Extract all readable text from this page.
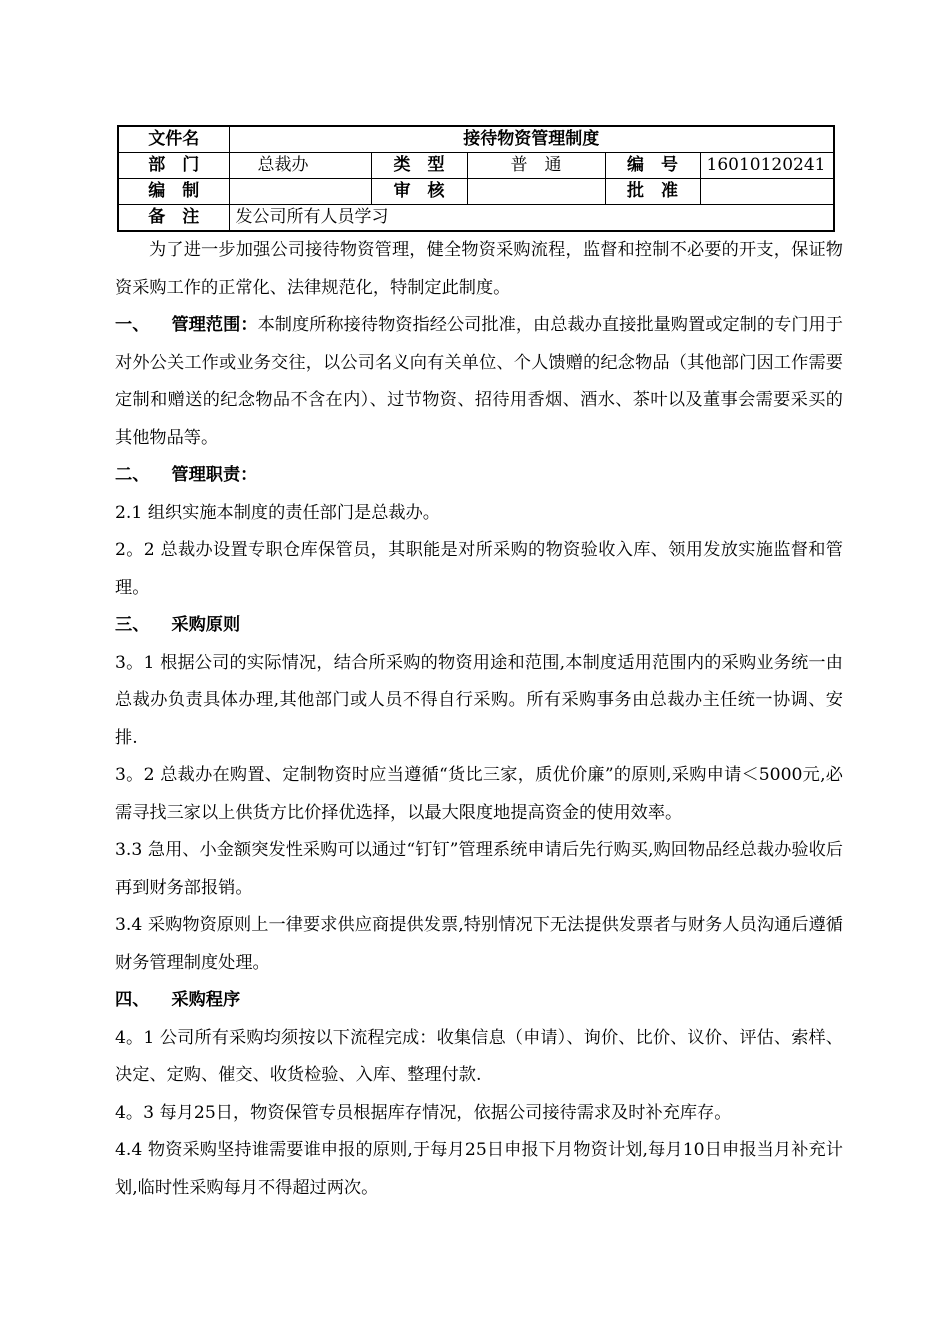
文件名	接待物资管理制度				
部　门	总裁办	类　型	普　通	编　号	16010120241
编　制		审　核		批　准	
备　注	发公司所有人员学习				

为了进一步加强公司接待物资管理，健全物资采购流程，监督和控制不必要的开支，保证物资采购工作的正常化、法律规范化，特制定此制度。

一、 管理范围：本制度所称接待物资指经公司批准，由总裁办直接批量购置或定制的专门用于对外公关工作或业务交往，以公司名义向有关单位、个人馈赠的纪念物品（其他部门因工作需要定制和赠送的纪念物品不含在内）、过节物资、招待用香烟、酒水、茶叶以及董事会需要采买的其他物品等。

二、 管理职责：

2.1 组织实施本制度的责任部门是总裁办。

2。2 总裁办设置专职仓库保管员，其职能是对所采购的物资验收入库、领用发放实施监督和管理。

三、 采购原则

3。1 根据公司的实际情况，结合所采购的物资用途和范围,本制度适用范围内的采购业务统一由总裁办负责具体办理,其他部门或人员不得自行采购。所有采购事务由总裁办主任统一协调、安排.

3。2 总裁办在购置、定制物资时应当遵循“货比三家，质优价廉”的原则,采购申请＜5000元,必需寻找三家以上供货方比价择优选择，以最大限度地提高资金的使用效率。

3.3 急用、小金额突发性采购可以通过“钉钉”管理系统申请后先行购买,购回物品经总裁办验收后再到财务部报销。

3.4 采购物资原则上一律要求供应商提供发票,特别情况下无法提供发票者与财务人员沟通后遵循财务管理制度处理。

四、 采购程序

4。1 公司所有采购均须按以下流程完成：收集信息（申请）、询价、比价、议价、评估、索样、决定、定购、催交、收货检验、入库、整理付款.

4。3 每月25日，物资保管专员根据库存情况，依据公司接待需求及时补充库存。

4.4 物资采购坚持谁需要谁申报的原则,于每月25日申报下月物资计划,每月10日申报当月补充计划,临时性采购每月不得超过两次。
